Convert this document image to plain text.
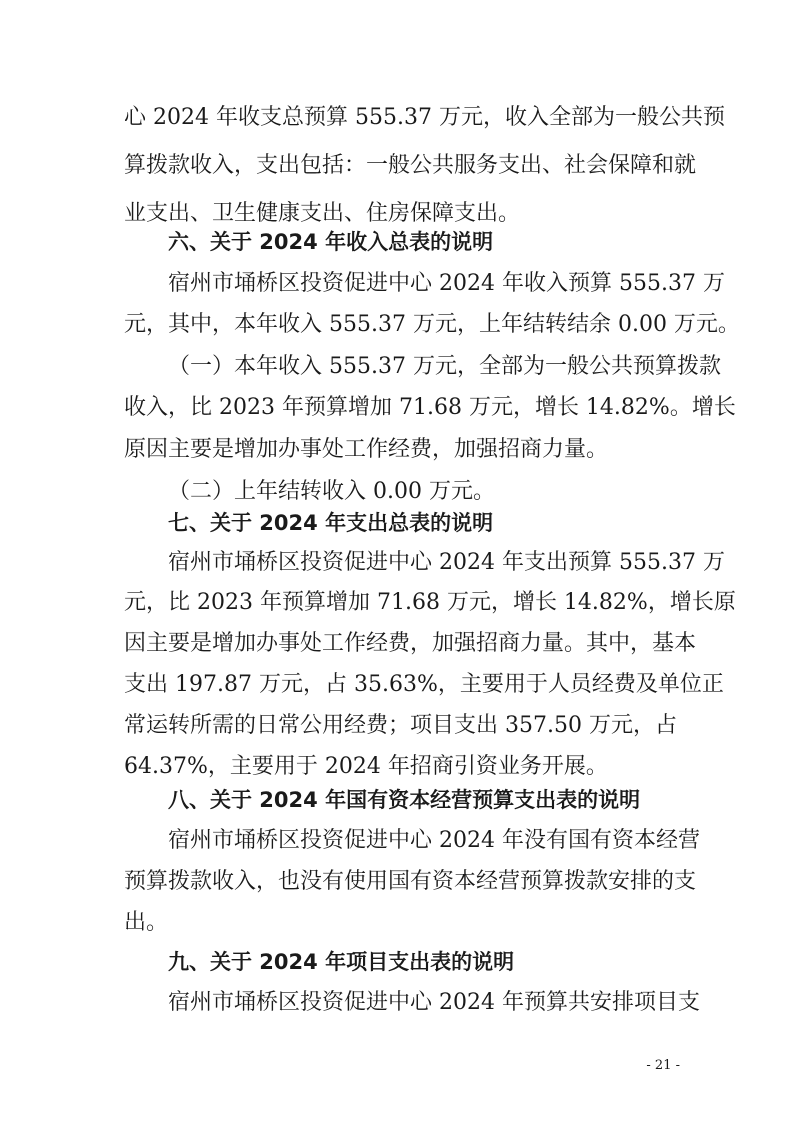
心 2024 年收支总预算 555.37 万元，收入全部为一般公共预
算拨款收入，支出包括：一般公共服务支出、社会保障和就
业支出、卫生健康支出、住房保障支出。
六、关于 2024 年收入总表的说明
宿州市埇桥区投资促进中心 2024 年收入预算 555.37 万
元，其中，本年收入 555.37 万元，上年结转结余 0.00 万元。
（一）本年收入 555.37 万元，全部为一般公共预算拨款
收入，比 2023 年预算增加 71.68 万元，增长 14.82%。增长
原因主要是增加办事处工作经费，加强招商力量。
（二）上年结转收入 0.00 万元。
七、关于 2024 年支出总表的说明
宿州市埇桥区投资促进中心 2024 年支出预算 555.37 万
元，比 2023 年预算增加 71.68 万元，增长 14.82%，增长原
因主要是增加办事处工作经费，加强招商力量。其中，基本
支出 197.87 万元，占 35.63%，主要用于人员经费及单位正
常运转所需的日常公用经费；项目支出 357.50 万元，占
64.37%，主要用于 2024 年招商引资业务开展。
八、关于 2024 年国有资本经营预算支出表的说明
宿州市埇桥区投资促进中心 2024 年没有国有资本经营
预算拨款收入，也没有使用国有资本经营预算拨款安排的支
出。
九、关于 2024 年项目支出表的说明
宿州市埇桥区投资促进中心 2024 年预算共安排项目支
- 21 -
